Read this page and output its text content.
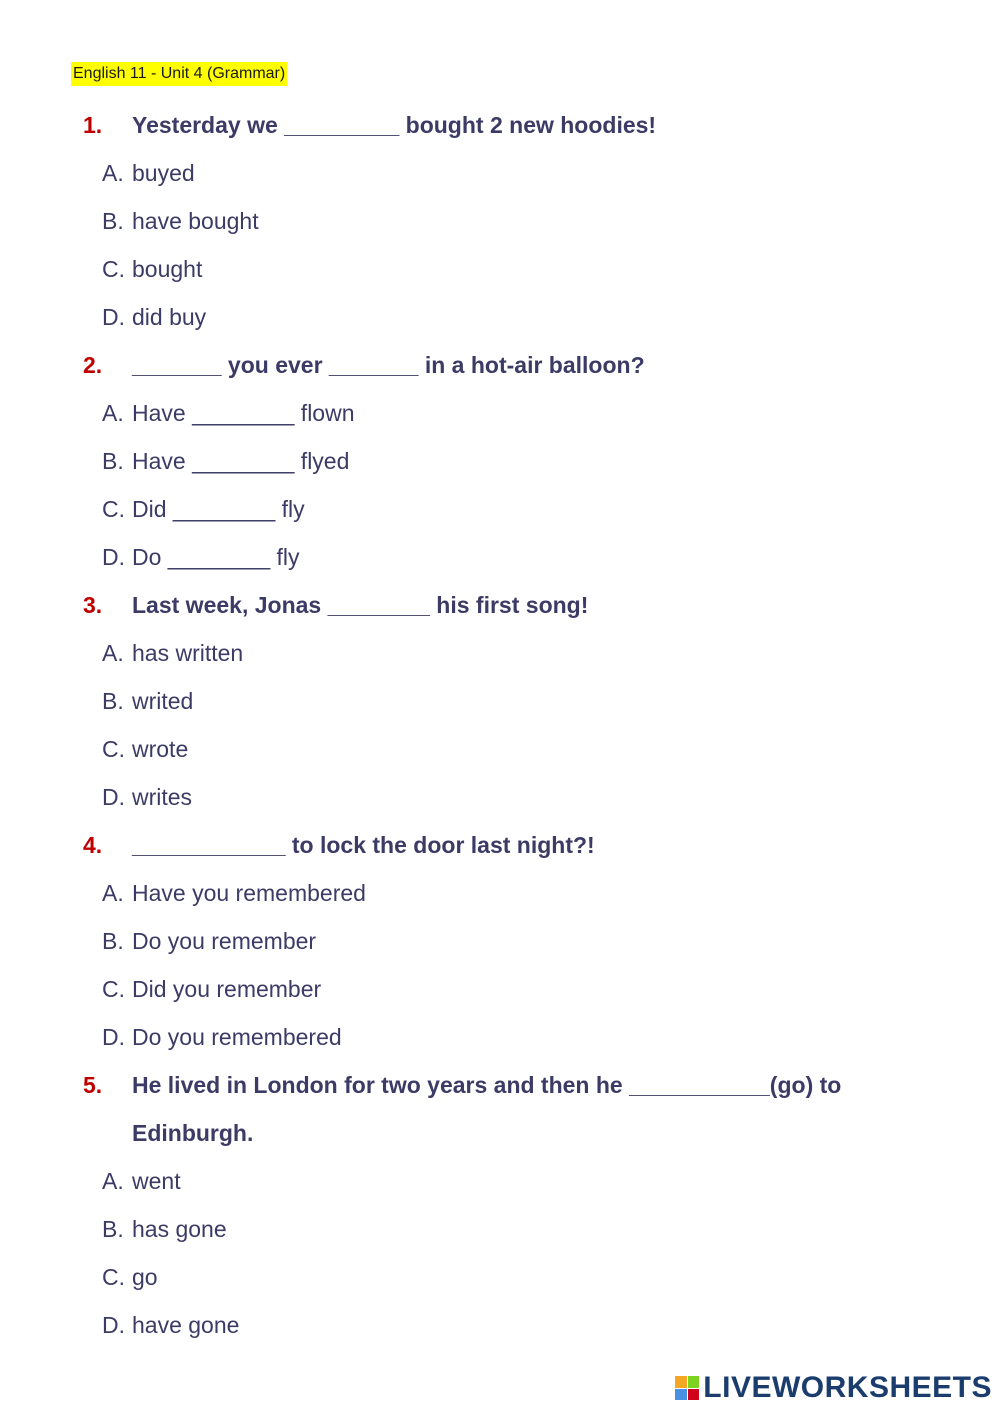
English 11 - Unit 4 (Grammar)
1. Yesterday we _________ bought 2 new hoodies!
A. buyed
B. have bought
C. bought
D. did buy
2. _______ you ever _______ in a hot-air balloon?
A. Have ________ flown
B. Have ________ flyed
C. Did ________ fly
D. Do ________ fly
3. Last week, Jonas ________ his first song!
A. has written
B. writed
C. wrote
D. writes
4. ____________ to lock the door last night?!
A. Have you remembered
B. Do you remember
C. Did you remember
D. Do you remembered
5. He lived in London for two years and then he ___________(go) to
Edinburgh.
A. went
B. has gone
C. go
D. have gone
LIVEWORKSHEETS
